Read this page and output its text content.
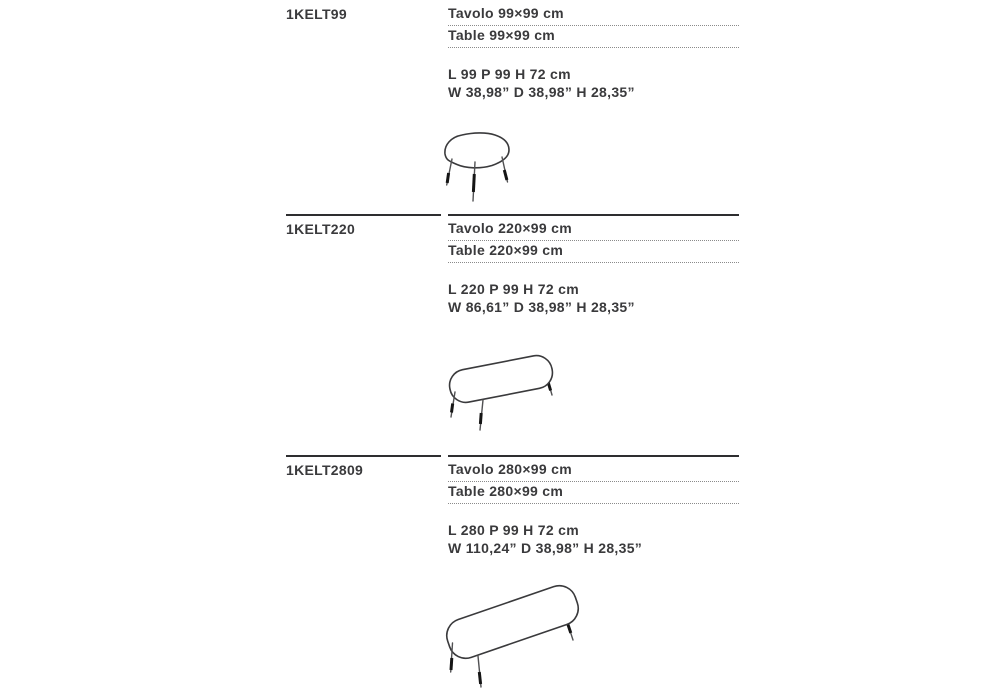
1KELT99	Tavolo 99×99 cm
Table 99×99 cm
L 99 P 99 H 72 cm
W 38,98” D 38,98” H 28,35”
1KELT220	Tavolo 220×99 cm
Table 220×99 cm
L 220 P 99 H 72 cm
W 86,61” D 38,98” H 28,35”
1KELT2809	Tavolo 280×99 cm
Table 280×99 cm
L 280 P 99 H 72 cm
W 110,24” D 38,98” H 28,35”
